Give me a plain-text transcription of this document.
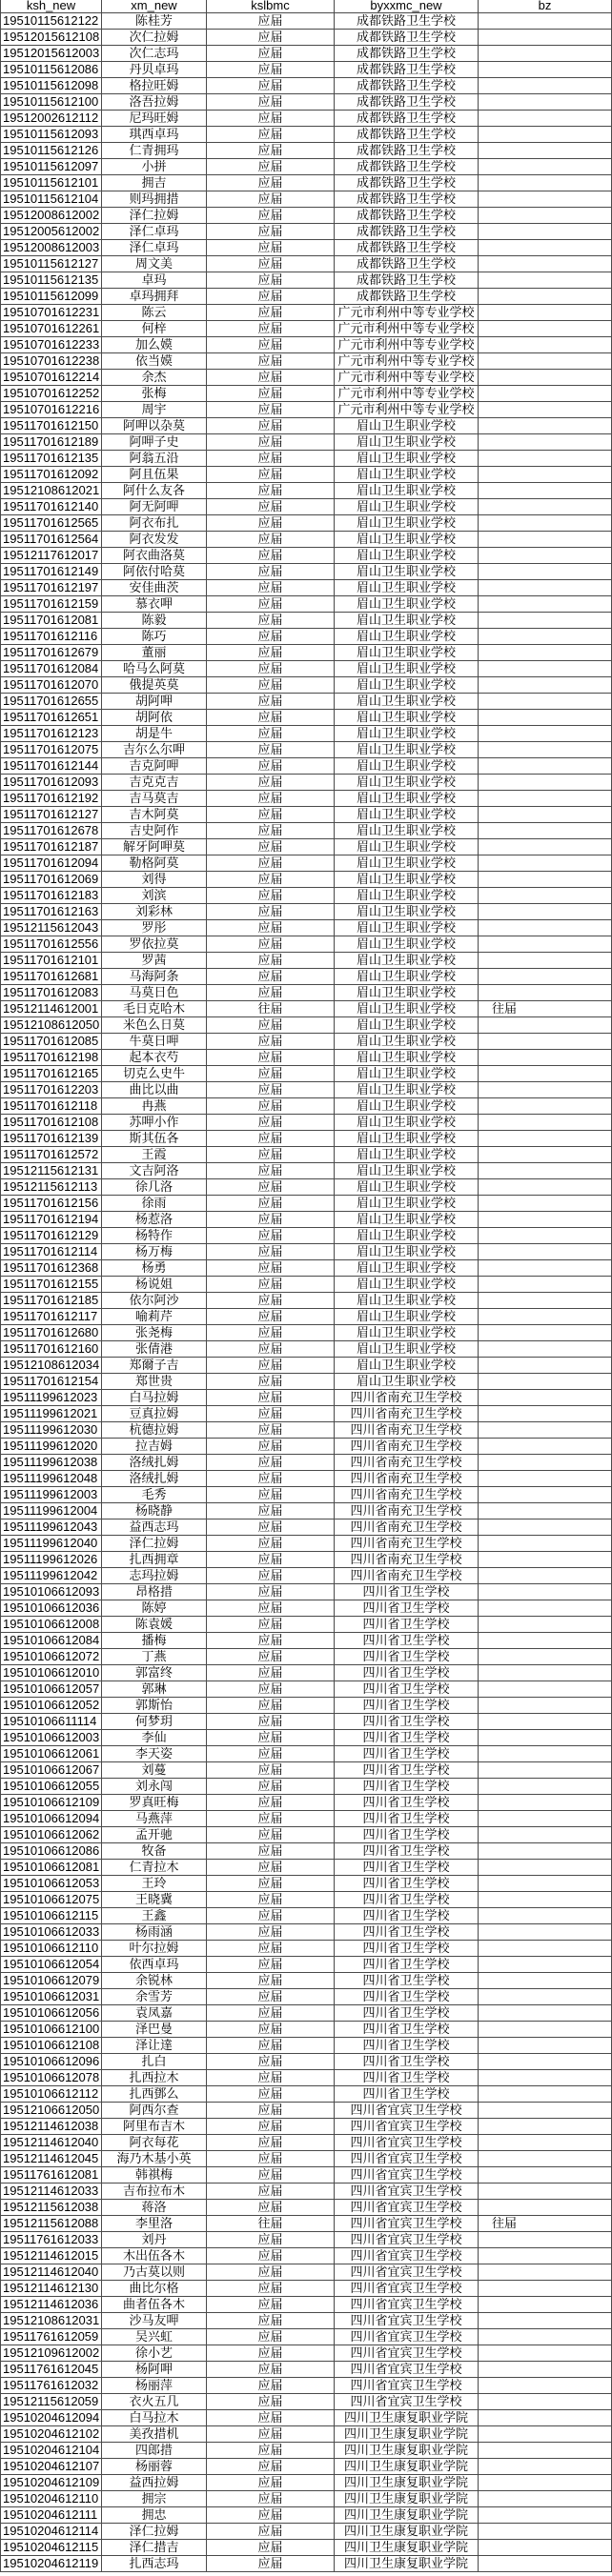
ksh_new	xm_new	kslbmc	byxxmc_new	bz
19510115612122	陈桂芳	应届	成都铁路卫生学校
19512015612108	次仁拉姆	应届	成都铁路卫生学校
19512015612003	次仁志玛	应届	成都铁路卫生学校
19510115612086	丹贝卓玛	应届	成都铁路卫生学校
19510115612098	格拉旺姆	应届	成都铁路卫生学校
19510115612100	洛吾拉姆	应届	成都铁路卫生学校
19512002612112	尼玛旺姆	应届	成都铁路卫生学校
19510115612093	琪西卓玛	应届	成都铁路卫生学校
19510115612126	仁青拥玛	应届	成都铁路卫生学校
19510115612097	小拼	应届	成都铁路卫生学校
19510115612101	拥吉	应届	成都铁路卫生学校
19510115612104	则玛拥措	应届	成都铁路卫生学校
19512008612002	泽仁拉姆	应届	成都铁路卫生学校
19512005612002	泽仁卓玛	应届	成都铁路卫生学校
19512008612003	泽仁卓玛	应届	成都铁路卫生学校
19510115612127	周文美	应届	成都铁路卫生学校
19510115612135	卓玛	应届	成都铁路卫生学校
19510115612099	卓玛拥拜	应届	成都铁路卫生学校
19510701612231	陈云	应届	广元市利州中等专业学校
19510701612261	何梓	应届	广元市利州中等专业学校
19510701612233	加么嫫	应届	广元市利州中等专业学校
19510701612238	依当嫫	应届	广元市利州中等专业学校
19510701612214	余杰	应届	广元市利州中等专业学校
19510701612252	张梅	应届	广元市利州中等专业学校
19510701612216	周宇	应届	广元市利州中等专业学校
19511701612150	阿呷以杂莫	应届	眉山卫生职业学校
19511701612189	阿呷子史	应届	眉山卫生职业学校
19511701612135	阿翁五沿	应届	眉山卫生职业学校
19511701612092	阿且伍果	应届	眉山卫生职业学校
19512108612021	阿什么友各	应届	眉山卫生职业学校
19511701612140	阿无阿呷	应届	眉山卫生职业学校
19511701612565	阿衣布扎	应届	眉山卫生职业学校
19511701612564	阿衣发发	应届	眉山卫生职业学校
19512117612017	阿衣曲洛莫	应届	眉山卫生职业学校
19511701612149	阿依付哈莫	应届	眉山卫生职业学校
19511701612197	安佳曲茨	应届	眉山卫生职业学校
19511701612159	慕衣呷	应届	眉山卫生职业学校
19511701612081	陈毅	应届	眉山卫生职业学校
19511701612116	陈巧	应届	眉山卫生职业学校
19511701612679	董丽	应届	眉山卫生职业学校
19511701612084	哈马么阿莫	应届	眉山卫生职业学校
19511701612070	俄提英莫	应届	眉山卫生职业学校
19511701612655	胡阿呷	应届	眉山卫生职业学校
19511701612651	胡阿依	应届	眉山卫生职业学校
19511701612123	胡是牛	应届	眉山卫生职业学校
19511701612075	吉尔么尔呷	应届	眉山卫生职业学校
19511701612144	吉克阿呷	应届	眉山卫生职业学校
19511701612093	吉克克吉	应届	眉山卫生职业学校
19511701612192	吉马莫吉	应届	眉山卫生职业学校
19511701612127	吉木阿莫	应届	眉山卫生职业学校
19511701612678	吉史阿作	应届	眉山卫生职业学校
19511701612187	解牙阿呷莫	应届	眉山卫生职业学校
19511701612094	勒格阿莫	应届	眉山卫生职业学校
19511701612069	刘得	应届	眉山卫生职业学校
19511701612183	刘滨	应届	眉山卫生职业学校
19511701612163	刘彩林	应届	眉山卫生职业学校
19512115612043	罗彤	应届	眉山卫生职业学校
19511701612556	罗依拉莫	应届	眉山卫生职业学校
19511701612101	罗茜	应届	眉山卫生职业学校
19511701612681	马海阿条	应届	眉山卫生职业学校
19511701612083	马莫日色	应届	眉山卫生职业学校
19512114612001	毛日克哈木	往届	眉山卫生职业学校	往届
19512108612050	米色么日莫	应届	眉山卫生职业学校
19511701612085	牛莫日呷	应届	眉山卫生职业学校
19511701612198	起本衣芍	应届	眉山卫生职业学校
19511701612165	切克么史牛	应届	眉山卫生职业学校
19511701612203	曲比以曲	应届	眉山卫生职业学校
19511701612118	冉燕	应届	眉山卫生职业学校
19511701612108	苏呷小作	应届	眉山卫生职业学校
19511701612139	斯其伍各	应届	眉山卫生职业学校
19511701612572	王霞	应届	眉山卫生职业学校
19512115612131	文吉阿洛	应届	眉山卫生职业学校
19512115612113	徐几洛	应届	眉山卫生职业学校
19511701612156	徐雨	应届	眉山卫生职业学校
19511701612194	杨惹洛	应届	眉山卫生职业学校
19511701612129	杨特作	应届	眉山卫生职业学校
19511701612114	杨万梅	应届	眉山卫生职业学校
19511701612368	杨勇	应届	眉山卫生职业学校
19511701612155	杨说姐	应届	眉山卫生职业学校
19511701612185	依尔阿沙	应届	眉山卫生职业学校
19511701612117	喻莉芹	应届	眉山卫生职业学校
19511701612680	张尧梅	应届	眉山卫生职业学校
19511701612160	张倩港	应届	眉山卫生职业学校
19512108612034	郑爾子吉	应届	眉山卫生职业学校
19511701612154	郑世贵	应届	眉山卫生职业学校
19511199612023	白马拉姆	应届	四川省南充卫生学校
19511199612021	豆真拉姆	应届	四川省南充卫生学校
19511199612030	杭德拉姆	应届	四川省南充卫生学校
19511199612020	拉吉姆	应届	四川省南充卫生学校
19511199612038	洛绒扎姆	应届	四川省南充卫生学校
19511199612048	洛绒扎姆	应届	四川省南充卫生学校
19511199612003	毛秀	应届	四川省南充卫生学校
19511199612004	杨晓静	应届	四川省南充卫生学校
19511199612043	益西志玛	应届	四川省南充卫生学校
19511199612040	泽仁拉姆	应届	四川省南充卫生学校
19511199612026	扎西拥章	应届	四川省南充卫生学校
19511199612042	志玛拉姆	应届	四川省南充卫生学校
19510106612093	昂格措	应届	四川省卫生学校
19510106612036	陈婷	应届	四川省卫生学校
19510106612008	陈袁媛	应届	四川省卫生学校
19510106612084	播梅	应届	四川省卫生学校
19510106612072	丁燕	应届	四川省卫生学校
19510106612010	郭富终	应届	四川省卫生学校
19510106612057	郭琳	应届	四川省卫生学校
19510106612052	郭斯怡	应届	四川省卫生学校
19510106611114	何梦玥	应届	四川省卫生学校
19510106612003	李仙	应届	四川省卫生学校
19510106612061	李天姿	应届	四川省卫生学校
19510106612067	刘蔓	应届	四川省卫生学校
19510106612055	刘永闯	应届	四川省卫生学校
19510106612109	罗真旺梅	应届	四川省卫生学校
19510106612094	马燕萍	应届	四川省卫生学校
19510106612062	孟开驰	应届	四川省卫生学校
19510106612086	牧备	应届	四川省卫生学校
19510106612081	仁青拉木	应届	四川省卫生学校
19510106612053	王玲	应届	四川省卫生学校
19510106612075	王晓冀	应届	四川省卫生学校
19510106612115	王鑫	应届	四川省卫生学校
19510106612033	杨雨涵	应届	四川省卫生学校
19510106612110	叶尔拉姆	应届	四川省卫生学校
19510106612054	依西卓玛	应届	四川省卫生学校
19510106612079	余锐林	应届	四川省卫生学校
19510106612031	余雪芳	应届	四川省卫生学校
19510106612056	袁凤嘉	应届	四川省卫生学校
19510106612100	泽巴曼	应届	四川省卫生学校
19510106612108	泽让達	应届	四川省卫生学校
19510106612096	扎白	应届	四川省卫生学校
19510106612078	扎西拉木	应届	四川省卫生学校
19510106612112	扎西鄧么	应届	四川省卫生学校
19512106612050	阿西尔查	应届	四川省宜宾卫生学校
19512114612038	阿里布吉木	应届	四川省宜宾卫生学校
19512114612040	阿衣每花	应届	四川省宜宾卫生学校
19512114612045	海乃木基小英	应届	四川省宜宾卫生学校
19511761612081	韩祺梅	应届	四川省宜宾卫生学校
19512114612033	吉布拉布木	应届	四川省宜宾卫生学校
19512115612038	蒋洛	应届	四川省宜宾卫生学校
19512115612088	李里洛	往届	四川省宜宾卫生学校	往届
19511761612033	刘丹	应届	四川省宜宾卫生学校
19512114612015	木出伍各木	应届	四川省宜宾卫生学校
19512114612040	乃古莫以则	应届	四川省宜宾卫生学校
19512114612130	曲比尔格	应届	四川省宜宾卫生学校
19512114612036	曲者伍各木	应届	四川省宜宾卫生学校
19512108612031	沙马友呷	应届	四川省宜宾卫生学校
19511761612059	吴兴虹	应届	四川省宜宾卫生学校
19512109612002	徐小艺	应届	四川省宜宾卫生学校
19511761612045	杨阿呷	应届	四川省宜宾卫生学校
19511761612032	杨丽萍	应届	四川省宜宾卫生学校
19512115612059	衣火五几	应届	四川省宜宾卫生学校
19510204612094	白马拉木	应届	四川卫生康复职业学院
19510204612102	美孜措机	应届	四川卫生康复职业学院
19510204612104	四郎措	应届	四川卫生康复职业学院
19510204612107	杨丽蓉	应届	四川卫生康复职业学院
19510204612109	益西拉姆	应届	四川卫生康复职业学院
19510204612110	拥宗	应届	四川卫生康复职业学院
19510204612111	拥忠	应届	四川卫生康复职业学院
19510204612114	泽仁拉姆	应届	四川卫生康复职业学院
19510204612115	泽仁措吉	应届	四川卫生康复职业学院
19510204612119	扎西志玛	应届	四川卫生康复职业学院
